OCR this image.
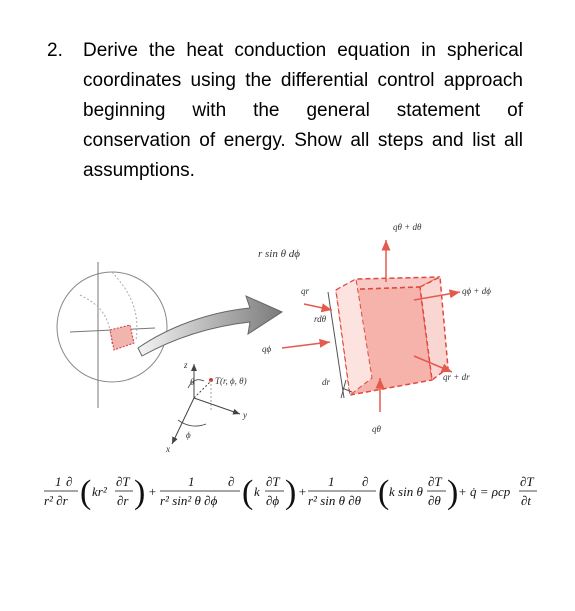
2. Derive the heat conduction equation in spherical coordinates using the differential control approach beginning with the general statement of conservation of energy. Show all steps and list all assumptions.
qθ + dθ
r sin θ dϕ
qr	qϕ + dϕ
rdθ
qϕ
qr + dr
dr
qθ
T(r, ϕ, θ)
θ
z
y
x
ϕ
1
r² ∂r
∂ ( kr²
∂T
∂r ) +
1
r² sin² θ ∂ϕ
∂ ( k
∂T
∂ϕ ) +
1
r² sin θ ∂θ
∂ ( k sin θ
∂T
∂θ ) + q̇ = ρcp
∂T
∂t
